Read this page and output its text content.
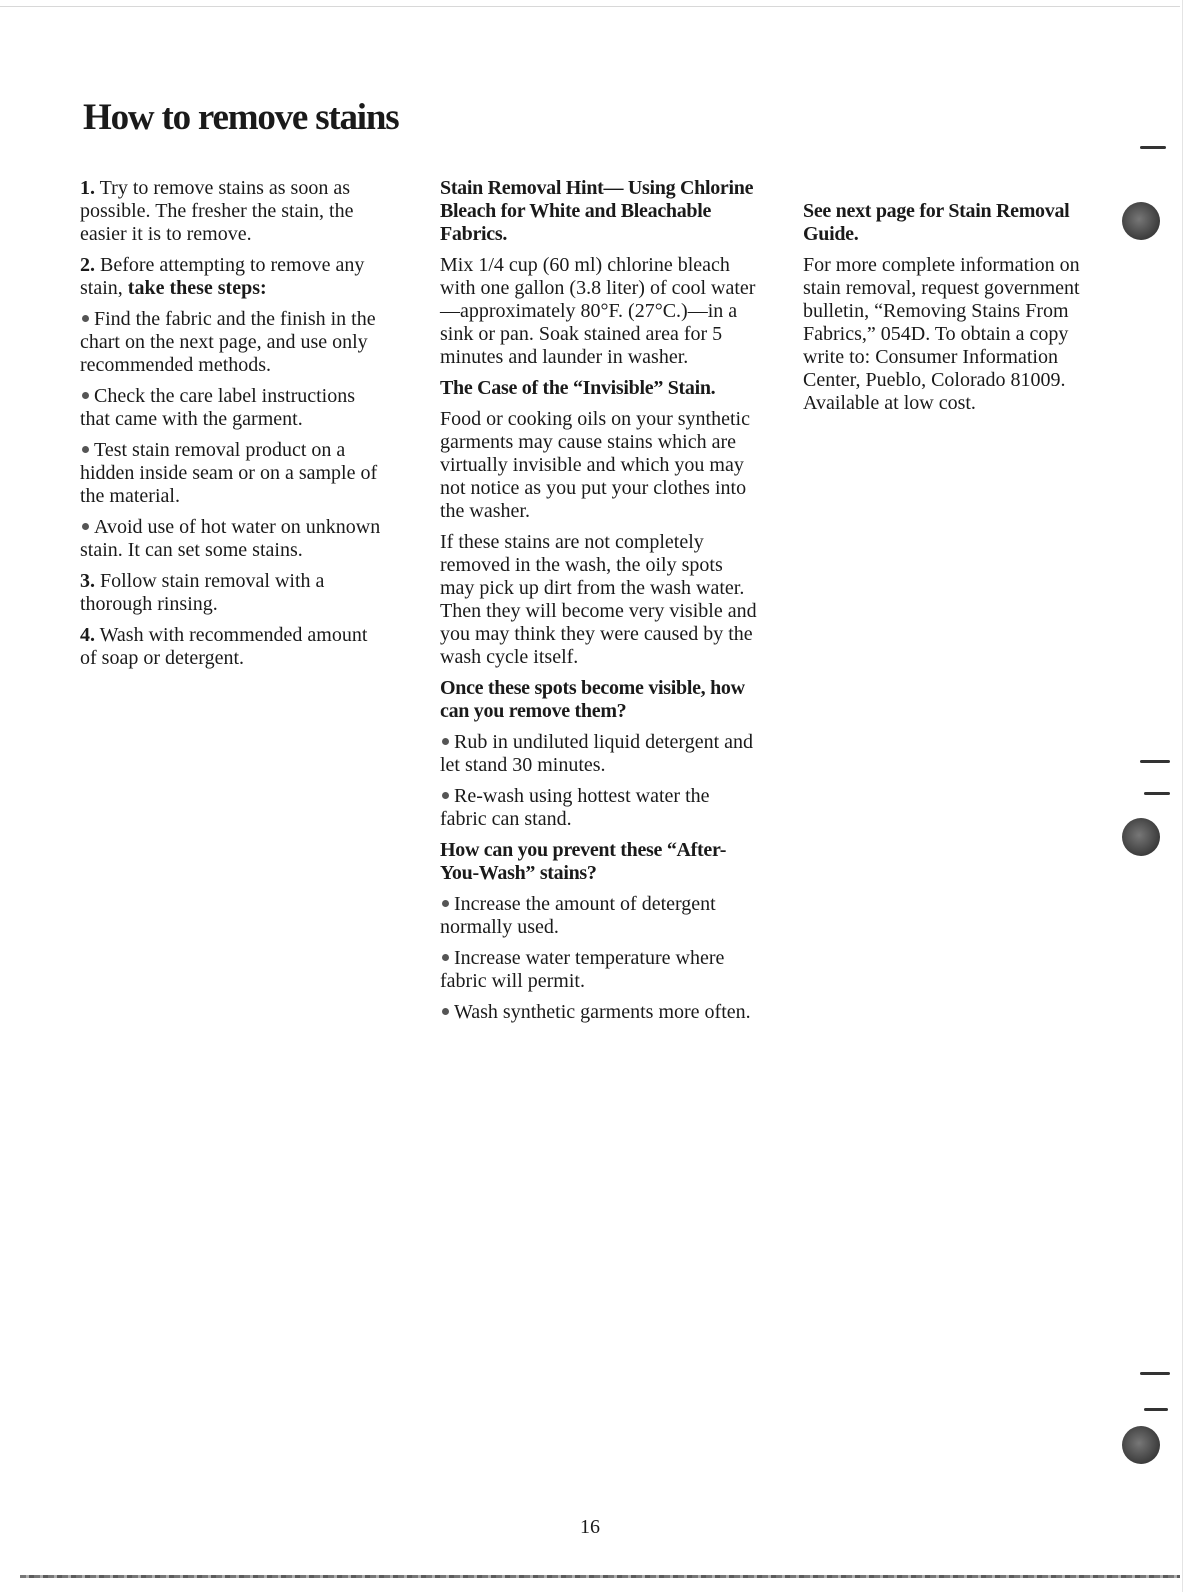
How to remove stains

1. Try to remove stains as soon as possible. The fresher the stain, the easier it is to remove.

2. Before attempting to remove any stain, take these steps:

Find the fabric and the finish in the chart on the next page, and use only recommended methods.

Check the care label instructions that came with the garment.

Test stain removal product on a hidden inside seam or on a sample of the material.

Avoid use of hot water on unknown stain. It can set some stains.

3. Follow stain removal with a thorough rinsing.

4. Wash with recommended amount of soap or detergent.

Stain Removal Hint— Using Chlorine Bleach for White and Bleachable Fabrics.

Mix 1/4 cup (60 ml) chlorine bleach with one gallon (3.8 liter) of cool water—approximately 80°F. (27°C.)—in a sink or pan. Soak stained area for 5 minutes and launder in washer.

The Case of the “Invisible” Stain.

Food or cooking oils on your synthetic garments may cause stains which are virtually invisible and which you may not notice as you put your clothes into the washer.

If these stains are not completely removed in the wash, the oily spots may pick up dirt from the wash water. Then they will become very visible and you may think they were caused by the wash cycle itself.

Once these spots become visible, how can you remove them?

Rub in undiluted liquid detergent and let stand 30 minutes.

Re-wash using hottest water the fabric can stand.

How can you prevent these “After-You-Wash” stains?

Increase the amount of detergent normally used.

Increase water temperature where fabric will permit.

Wash synthetic garments more often.

See next page for Stain Removal Guide.

For more complete information on stain removal, request government bulletin, “Removing Stains From Fabrics,” 054D. To obtain a copy write to: Consumer Information Center, Pueblo, Colorado 81009. Available at low cost.

16
